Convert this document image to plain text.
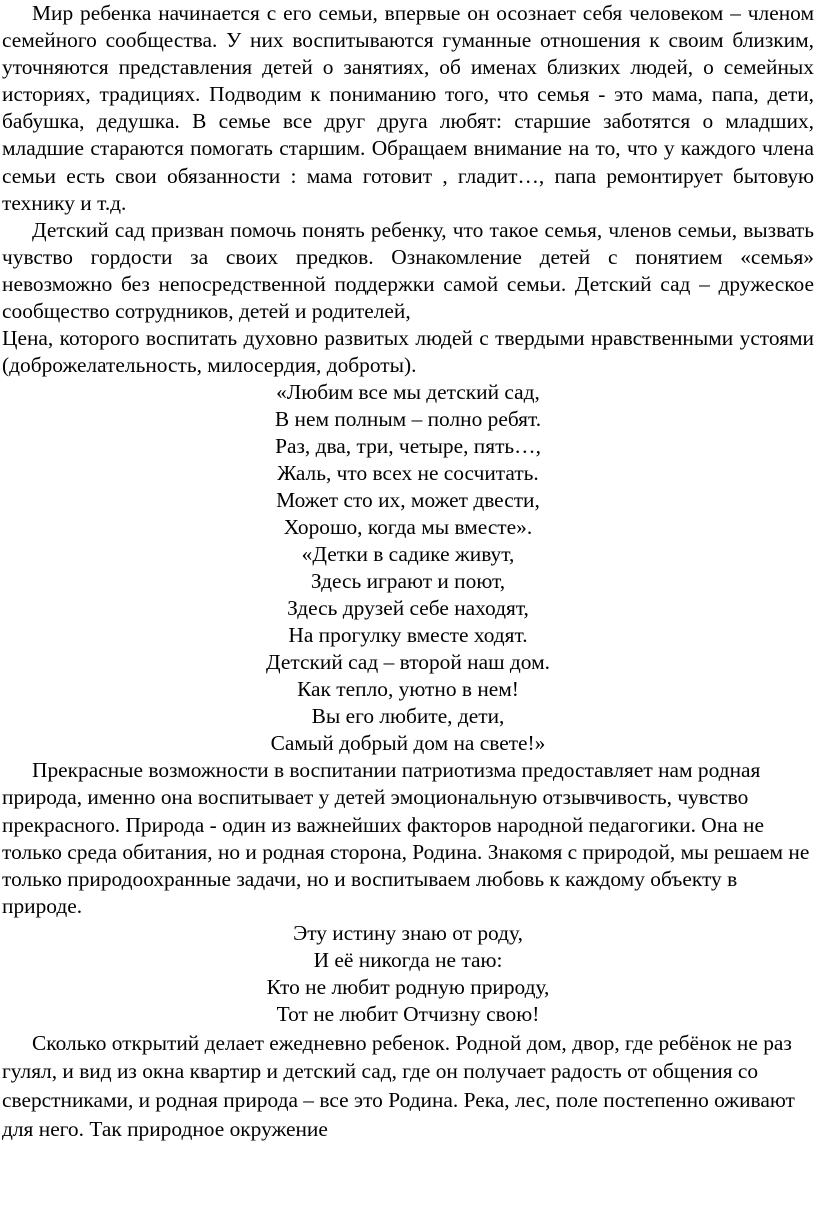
Мир ребенка начинается с его семьи, впервые он осознает себя человеком – членом семейного сообщества. У них воспитываются гуманные отношения к своим близким, уточняются представления детей о занятиях, об именах близких людей, о семейных историях, традициях. Подводим к пониманию того, что семья - это мама, папа, дети, бабушка, дедушка. В семье все друг друга любят: старшие заботятся о младших, младшие стараются помогать старшим. Обращаем внимание на то, что у каждого члена семьи есть свои обязанности : мама готовит , гладит…, папа ремонтирует бытовую технику и т.д.

Детский сад призван помочь понять ребенку, что такое семья, членов семьи, вызвать чувство гордости за своих предков. Ознакомление детей с понятием «семья» невозможно без непосредственной поддержки самой семьи. Детский сад – дружеское сообщество сотрудников, детей и родителей,

Цена, которого воспитать духовно развитых людей с твердыми нравственными устоями (доброжелательность, милосердия, доброты).

«Любим все мы детский сад,
В нем полным – полно ребят.
Раз, два, три, четыре, пять…,
Жаль, что всех не сосчитать.
Может сто их, может двести,
Хорошо, когда мы вместе».
«Детки в садике живут,
Здесь играют и поют,
Здесь друзей себе находят,
На прогулку вместе ходят.
Детский сад – второй наш дом.
Как тепло, уютно в нем!
Вы его любите, дети,
Самый добрый дом на свете!»

Прекрасные возможности в воспитании патриотизма предоставляет нам родная природа, именно она воспитывает у детей эмоциональную отзывчивость, чувство прекрасного. Природа - один из важнейших факторов народной педагогики. Она не только среда обитания, но и родная сторона, Родина. Знакомя с природой, мы решаем не только природоохранные задачи, но и воспитываем любовь к каждому объекту в природе.

Эту истину знаю от роду,
И её никогда не таю:
Кто не любит родную природу,
Тот не любит Отчизну свою!

Сколько открытий делает ежедневно ребенок. Родной дом, двор, где ребёнок не раз гулял, и вид из окна квартир и детский сад, где он получает радость от общения со сверстниками, и родная природа – все это Родина. Река, лес, поле постепенно оживают для него. Так природное окружение
